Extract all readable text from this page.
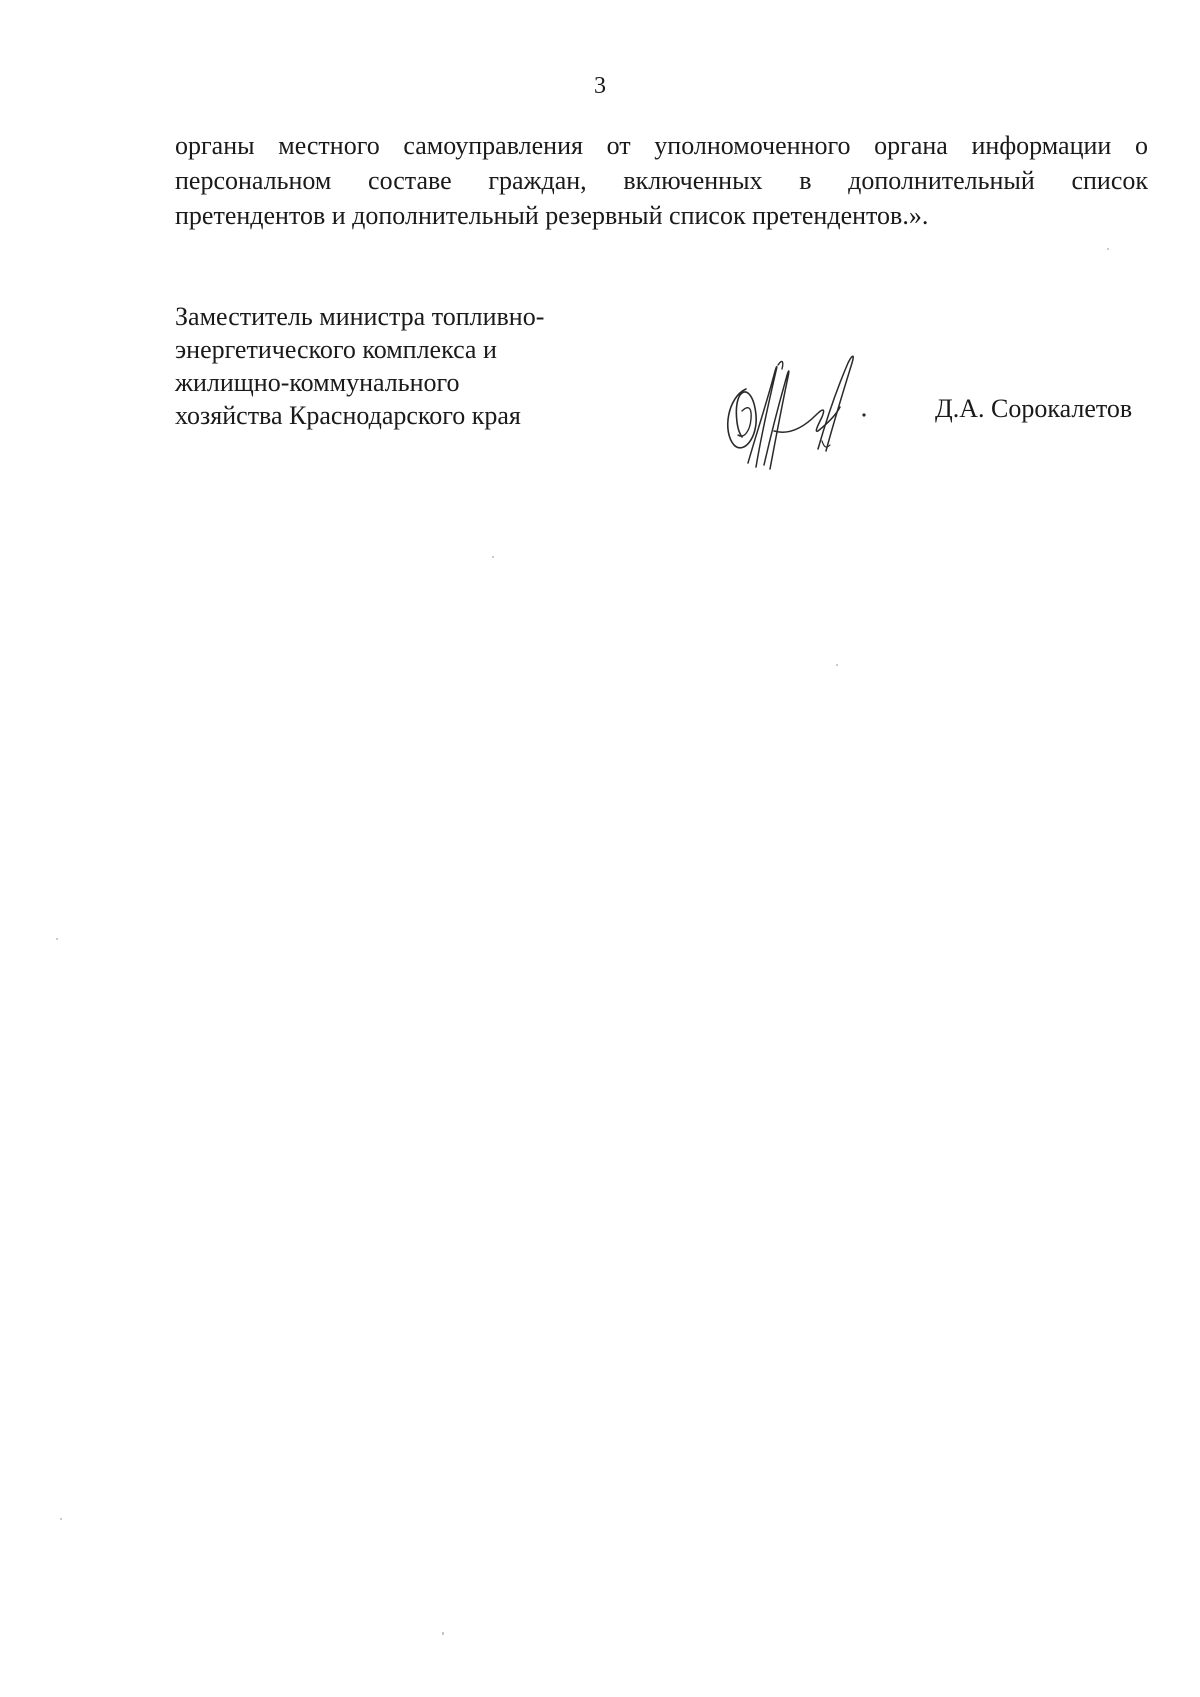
3

органы местного самоуправления от уполномоченного органа информации о
персональном составе граждан, включенных в дополнительный список
претендентов и дополнительный резервный список претендентов.».

Заместитель министра топливно-
энергетического комплекса и
жилищно-коммунального
хозяйства Краснодарского края	Д.А. Сорокалетов
